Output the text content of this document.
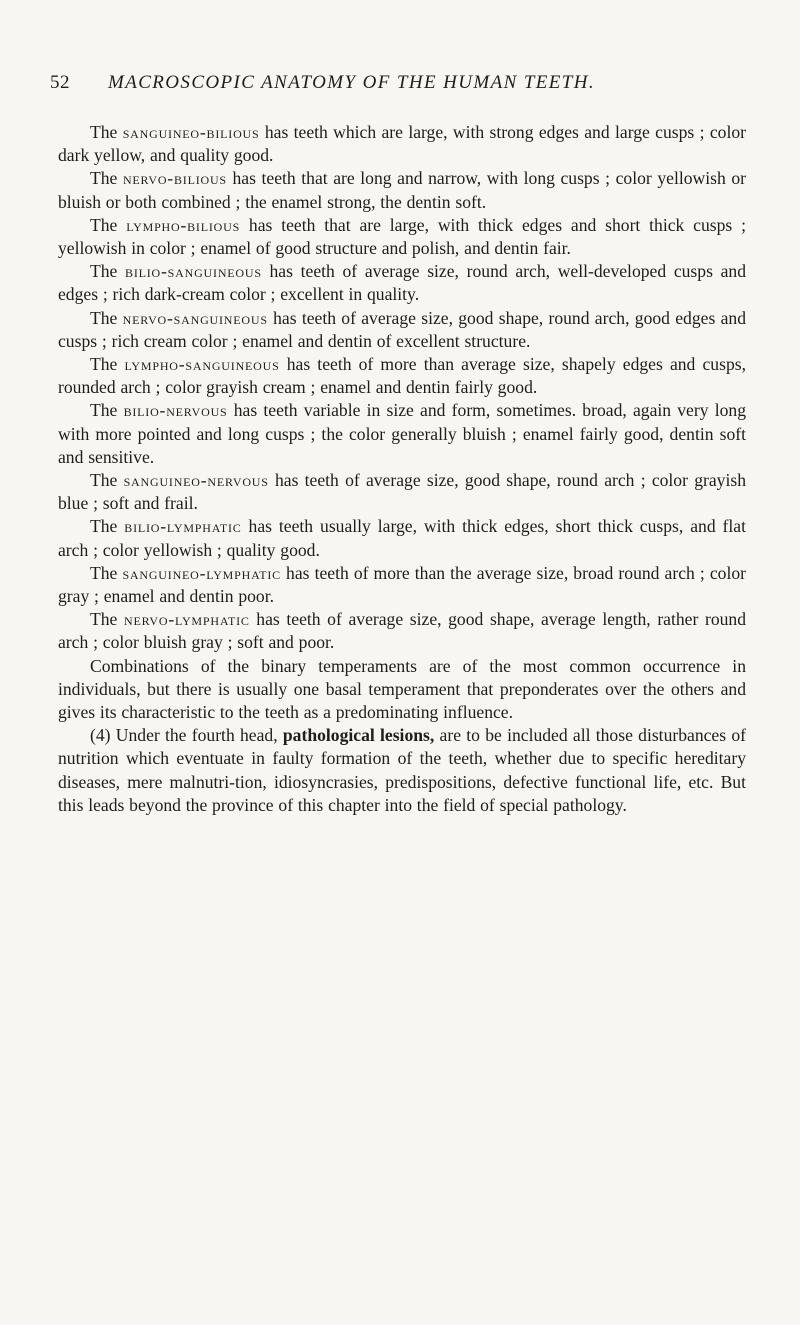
52 MACROSCOPIC ANATOMY OF THE HUMAN TEETH.

The sanguineo-bilious has teeth which are large, with strong edges and large cusps ; color dark yellow, and quality good.

The nervo-bilious has teeth that are long and narrow, with long cusps ; color yellowish or bluish or both combined ; the enamel strong, the dentin soft.

The lympho-bilious has teeth that are large, with thick edges and short thick cusps ; yellowish in color ; enamel of good structure and polish, and dentin fair.

The bilio-sanguineous has teeth of average size, round arch, well-developed cusps and edges ; rich dark-cream color ; excellent in quality.

The nervo-sanguineous has teeth of average size, good shape, round arch, good edges and cusps ; rich cream color ; enamel and dentin of excellent structure.

The lympho-sanguineous has teeth of more than average size, shapely edges and cusps, rounded arch ; color grayish cream ; enamel and dentin fairly good.

The bilio-nervous has teeth variable in size and form, sometimes. broad, again very long with more pointed and long cusps ; the color generally bluish ; enamel fairly good, dentin soft and sensitive.

The sanguineo-nervous has teeth of average size, good shape, round arch ; color grayish blue ; soft and frail.

The bilio-lymphatic has teeth usually large, with thick edges, short thick cusps, and flat arch ; color yellowish ; quality good.

The sanguineo-lymphatic has teeth of more than the average size, broad round arch ; color gray ; enamel and dentin poor.

The nervo-lymphatic has teeth of average size, good shape, average length, rather round arch ; color bluish gray ; soft and poor.

Combinations of the binary temperaments are of the most common occurrence in individuals, but there is usually one basal temperament that preponderates over the others and gives its characteristic to the teeth as a predominating influence.

(4) Under the fourth head, pathological lesions, are to be included all those disturbances of nutrition which eventuate in faulty formation of the teeth, whether due to specific hereditary diseases, mere malnutri-tion, idiosyncrasies, predispositions, defective functional life, etc. But this leads beyond the province of this chapter into the field of special pathology.
